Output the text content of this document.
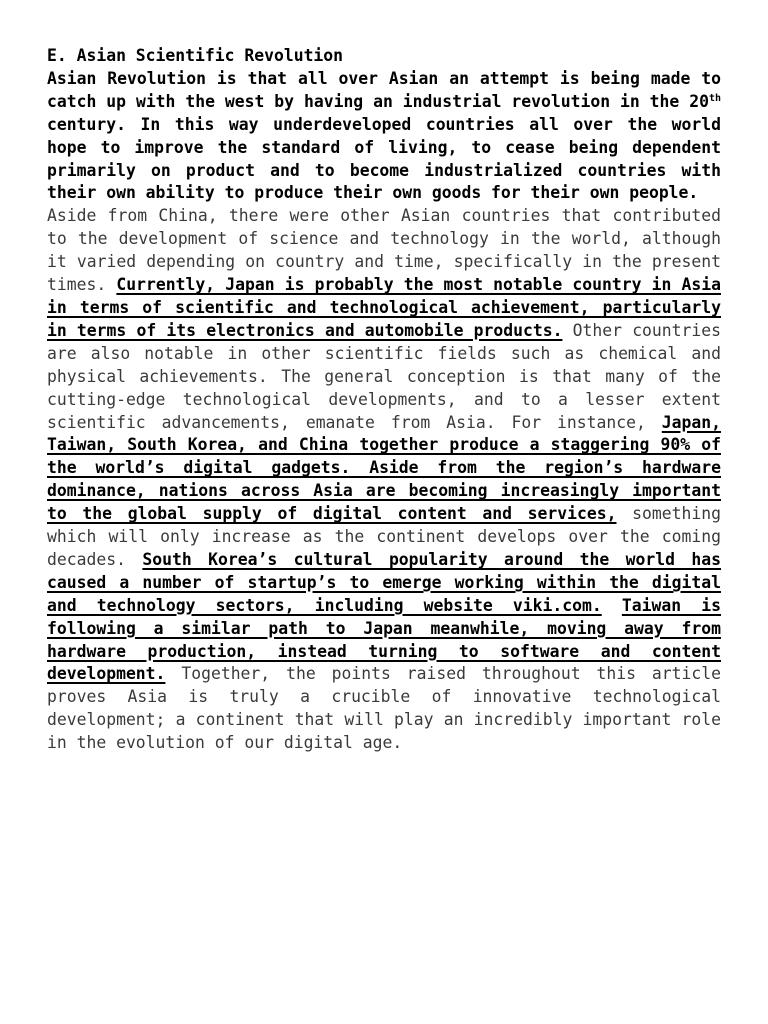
E. Asian Scientific Revolution

Asian Revolution is that all over Asian an attempt is being made to catch up with the west by having an industrial revolution in the 20th century. In this way underdeveloped countries all over the world hope to improve the standard of living, to cease being dependent primarily on product and to become industrialized countries with their own ability to produce their own goods for their own people.

Aside from China, there were other Asian countries that contributed to the development of science and technology in the world, although it varied depending on country and time, specifically in the present times. Currently, Japan is probably the most notable country in Asia in terms of scientific and technological achievement, particularly in terms of its electronics and automobile products. Other countries are also notable in other scientific fields such as chemical and physical achievements. The general conception is that many of the cutting-edge technological developments, and to a lesser extent scientific advancements, emanate from Asia. For instance, Japan, Taiwan, South Korea, and China together produce a staggering 90% of the world’s digital gadgets. Aside from the region’s hardware dominance, nations across Asia are becoming increasingly important to the global supply of digital content and services, something which will only increase as the continent develops over the coming decades. South Korea’s cultural popularity around the world has caused a number of startup’s to emerge working within the digital and technology sectors, including website viki.com. Taiwan is following a similar path to Japan meanwhile, moving away from hardware production, instead turning to software and content development. Together, the points raised throughout this article proves Asia is truly a crucible of innovative technological development; a continent that will play an incredibly important role in the evolution of our digital age.
